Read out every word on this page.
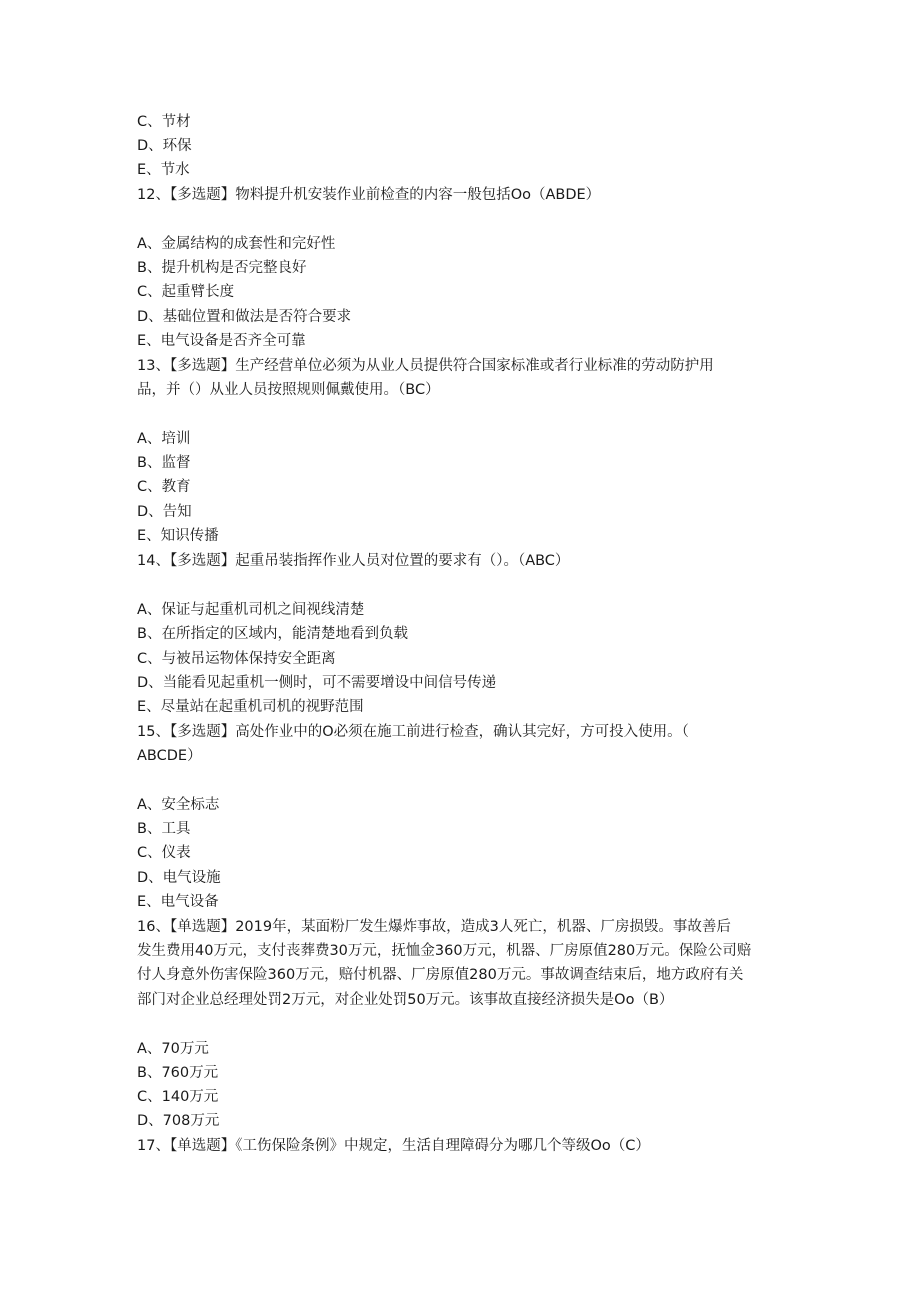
C、节材
D、环保
E、节水
12、【多选题】物料提升机安装作业前检查的内容一般包括Oo（ABDE）
A、金属结构的成套性和完好性
B、提升机构是否完整良好
C、起重臂长度
D、基础位置和做法是否符合要求
E、电气设备是否齐全可靠
13、【多选题】生产经营单位必须为从业人员提供符合国家标准或者行业标准的劳动防护用
品，并（）从业人员按照规则佩戴使用。（BC）
A、培训
B、监督
C、教育
D、告知
E、知识传播
14、【多选题】起重吊装指挥作业人员对位置的要求有（）。（ABC）
A、保证与起重机司机之间视线清楚
B、在所指定的区域内，能清楚地看到负载
C、与被吊运物体保持安全距离
D、当能看见起重机一侧时，可不需要增设中间信号传递
E、尽量站在起重机司机的视野范围
15、【多选题】高处作业中的O必须在施工前进行检查，确认其完好，方可投入使用。（
ABCDE）
A、安全标志
B、工具
C、仪表
D、电气设施
E、电气设备
16、【单选题】2019年，某面粉厂发生爆炸事故，造成3人死亡，机器、厂房损毁。事故善后
发生费用40万元，支付丧葬费30万元，抚恤金360万元，机器、厂房原值280万元。保险公司赔
付人身意外伤害保险360万元，赔付机器、厂房原值280万元。事故调查结束后，地方政府有关
部门对企业总经理处罚2万元，对企业处罚50万元。该事故直接经济损失是Oo（B）
A、70万元
B、760万元
C、140万元
D、708万元
17、【单选题】《工伤保险条例》中规定，生活自理障碍分为哪几个等级Oo（C）
